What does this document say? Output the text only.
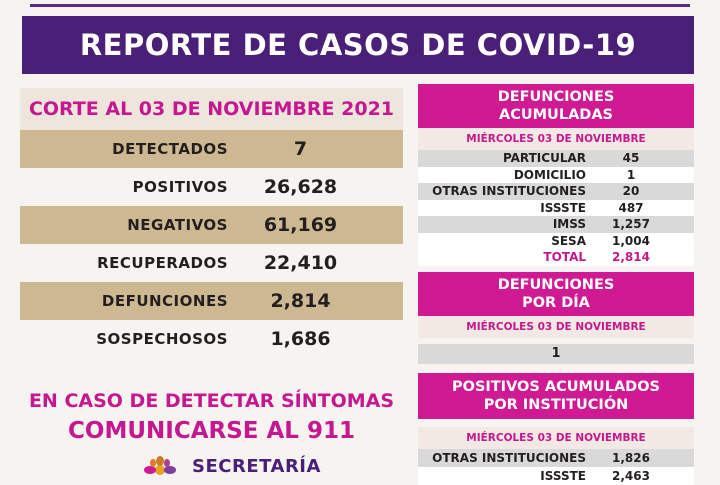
REPORTE DE CASOS DE COVID-19
CORTE AL 03 DE NOVIEMBRE 2021
DETECTADOS	7
POSITIVOS	26,628
NEGATIVOS	61,169
RECUPERADOS	22,410
DEFUNCIONES	2,814
SOSPECHOSOS	1,686
EN CASO DE DETECTAR SÍNTOMAS
COMUNICARSE AL 911
SECRETARÍA
DEFUNCIONES
ACUMULADAS
MIÉRCOLES 03 DE NOVIEMBRE
PARTICULAR	45
DOMICILIO	1
OTRAS INSTITUCIONES	20
ISSSTE	487
IMSS	1,257
SESA	1,004
TOTAL	2,814
DEFUNCIONES
POR DÍA
MIÉRCOLES 03 DE NOVIEMBRE
1
POSITIVOS ACUMULADOS
POR INSTITUCIÓN
MIÉRCOLES 03 DE NOVIEMBRE
OTRAS INSTITUCIONES	1,826
ISSSTE	2,463
